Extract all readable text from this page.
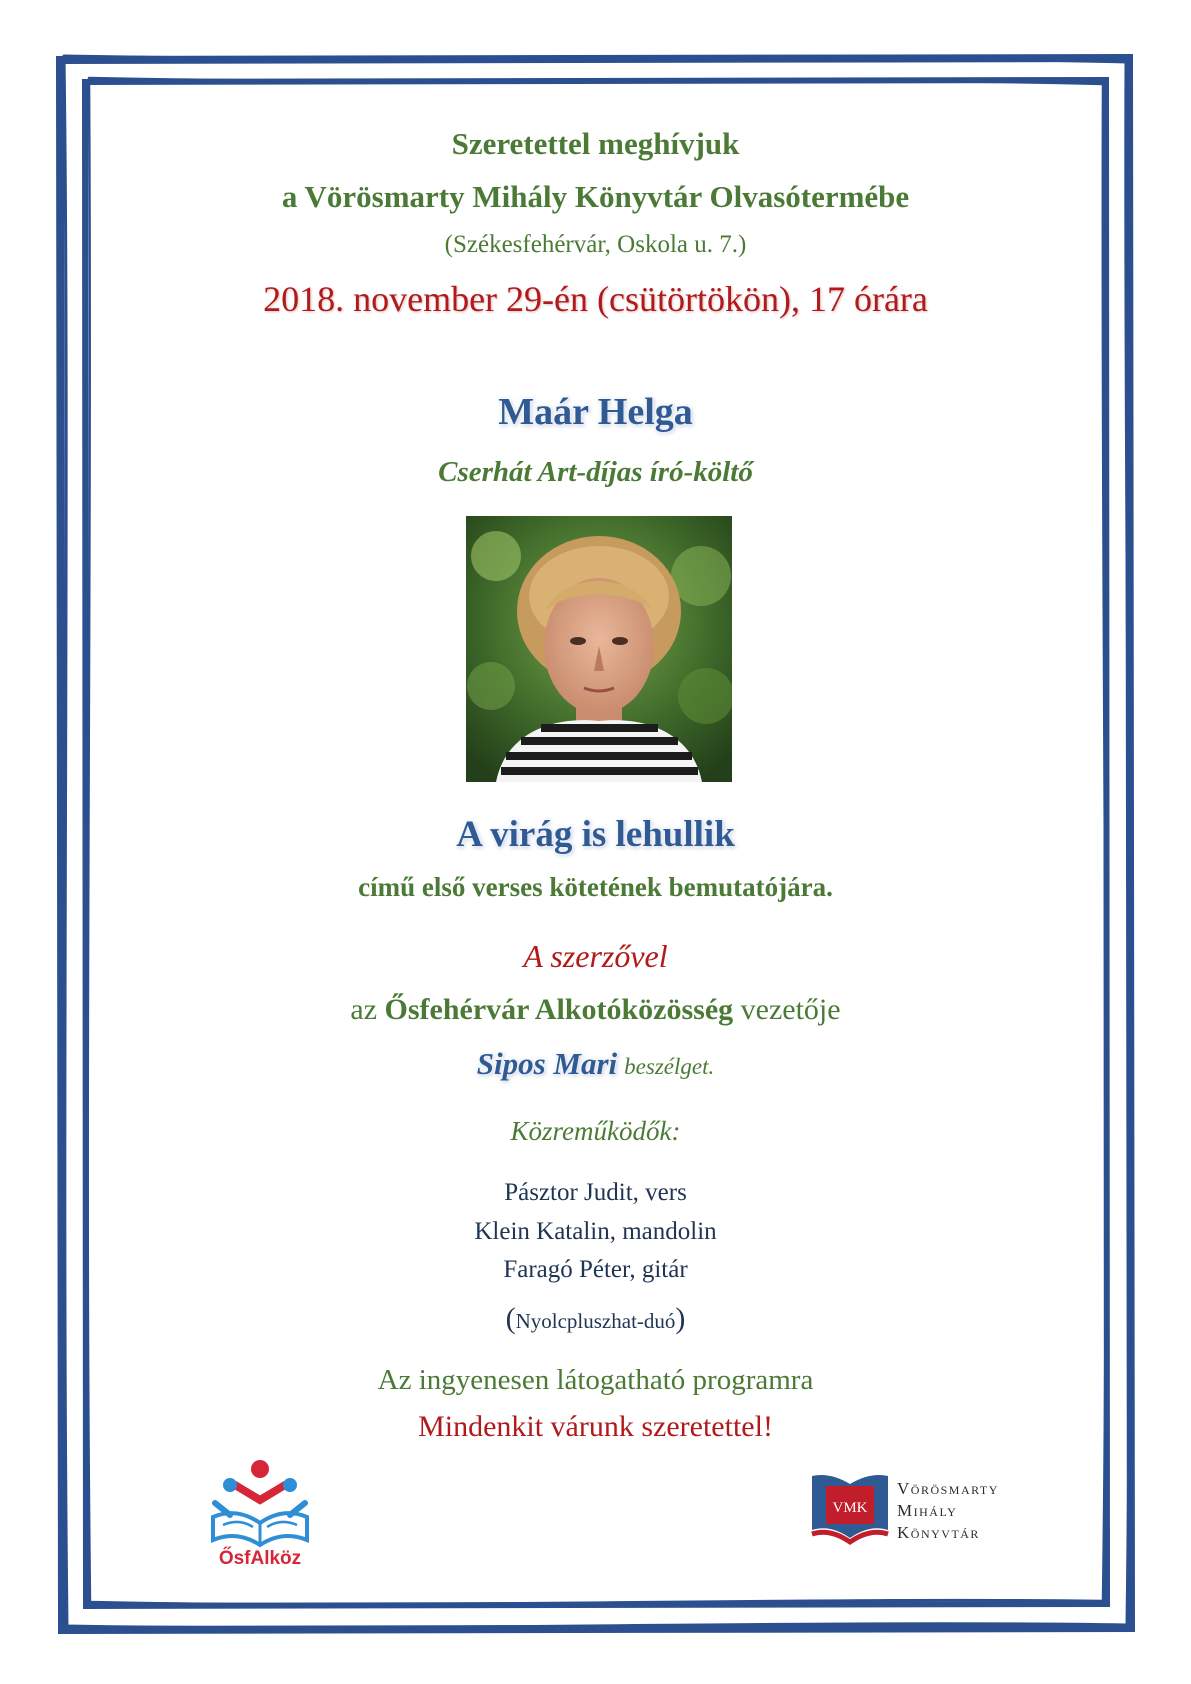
Szeretettel meghívjuk

a Vörösmarty Mihály Könyvtár Olvasótermébe

(Székesfehérvár, Oskola u. 7.)

2018. november 29-én (csütörtökön), 17 órára

Maár Helga

Cserhát Art-díjas író-költő

A virág is lehullik

című első verses kötetének bemutatójára.

A szerzővel

az Ősfehérvár Alkotóközösség vezetője

Sipos Mari beszélget.

Közreműködők:

Pásztor Judit, vers

Klein Katalin, mandolin

Faragó Péter, gitár

(Nyolcpluszhat-duó)

Az ingyenesen látogatható programra

Mindenkit várunk szeretettel!

ŐsfAlköz
VMK
Vörösmarty
Mihály
Könyvtár
